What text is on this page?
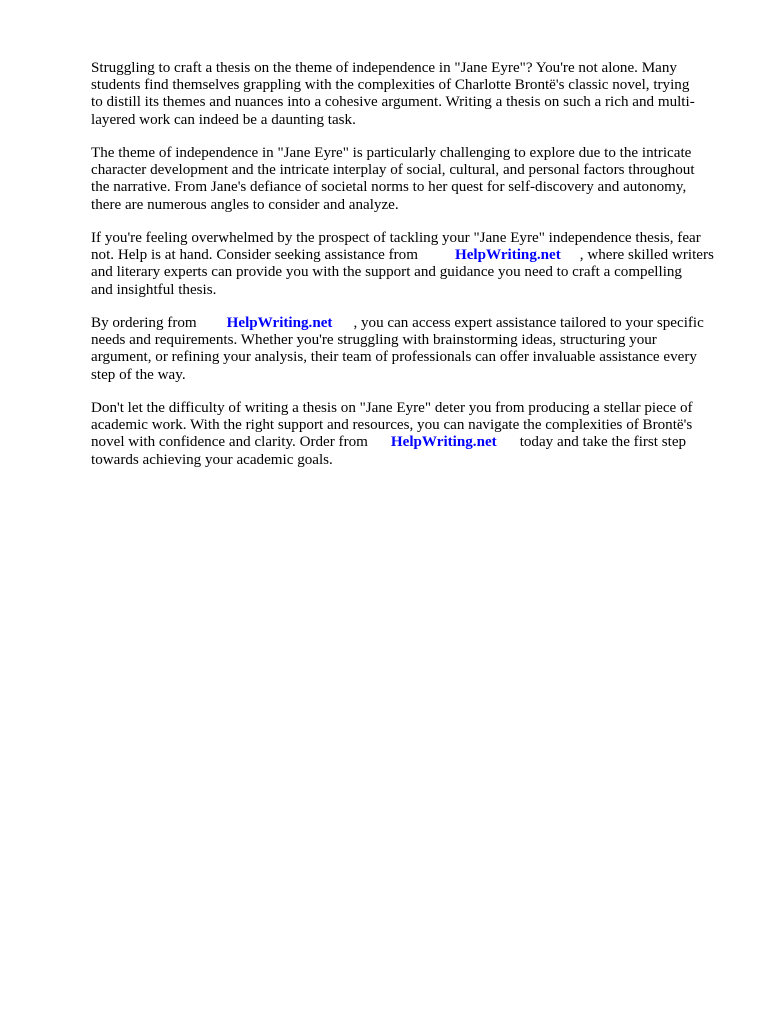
Struggling to craft a thesis on the theme of independence in "Jane Eyre"? You're not alone. Many
students find themselves grappling with the complexities of Charlotte Brontë's classic novel, trying
to distill its themes and nuances into a cohesive argument. Writing a thesis on such a rich and multi-
layered work can indeed be a daunting task.

The theme of independence in "Jane Eyre" is particularly challenging to explore due to the intricate
character development and the intricate interplay of social, cultural, and personal factors throughout
the narrative. From Jane's defiance of societal norms to her quest for self-discovery and autonomy,
there are numerous angles to consider and analyze.

If you're feeling overwhelmed by the prospect of tackling your "Jane Eyre" independence thesis, fear
not. Help is at hand. Consider seeking assistance from HelpWriting.net , where skilled writers
and literary experts can provide you with the support and guidance you need to craft a compelling
and insightful thesis.

By ordering from HelpWriting.net , you can access expert assistance tailored to your specific
needs and requirements. Whether you're struggling with brainstorming ideas, structuring your
argument, or refining your analysis, their team of professionals can offer invaluable assistance every
step of the way.

Don't let the difficulty of writing a thesis on "Jane Eyre" deter you from producing a stellar piece of
academic work. With the right support and resources, you can navigate the complexities of Brontë's
novel with confidence and clarity. Order from HelpWriting.net today and take the first step
towards achieving your academic goals.
